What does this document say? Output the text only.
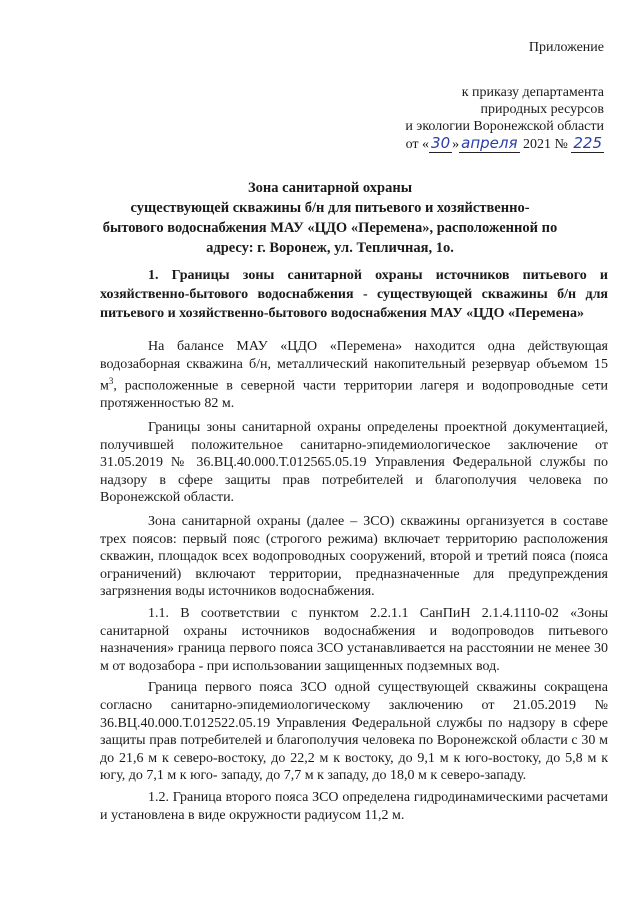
Приложение
к приказу департамента
природных ресурсов
и экологии Воронежской области
от « 30 » апреля 2021 № 225
Зона санитарной охраны
существующей скважины б/н для питьевого и хозяйственно-
бытового водоснабжения МАУ «ЦДО «Перемена», расположенной по
адресу: г. Воронеж, ул. Тепличная, 1о.
1. Границы зоны санитарной охраны источников питьевого и хозяйственно-бытового водоснабжения - существующей скважины б/н для питьевого и хозяйственно-бытового водоснабжения МАУ «ЦДО «Перемена»

На балансе МАУ «ЦДО «Перемена» находится одна действующая водозаборная скважина б/н, металлический накопительный резервуар объемом 15 $м^3$, расположенные в северной части территории лагеря и водопроводные сети протяженностью 82 м.

Границы зоны санитарной охраны определены проектной документацией, получившей положительное санитарно-эпидемиологическое заключение от 31.05.2019 № 36.ВЦ.40.000.Т.012565.05.19 Управления Федеральной службы по надзору в сфере защиты прав потребителей и благополучия человека по Воронежской области.

Зона санитарной охраны (далее – ЗСО) скважины организуется в составе трех поясов: первый пояс (строгого режима) включает территорию расположения скважин, площадок всех водопроводных сооружений, второй и третий пояса (пояса ограничений) включают территории, предназначенные для предупреждения загрязнения воды источников водоснабжения.

1.1. В соответствии с пунктом 2.2.1.1 СанПиН 2.1.4.1110-02 «Зоны санитарной охраны источников водоснабжения и водопроводов питьевого назначения» граница первого пояса ЗСО устанавливается на расстоянии не менее 30 м от водозабора - при использовании защищенных подземных вод.

Граница первого пояса ЗСО одной существующей скважины сокращена согласно санитарно-эпидемиологическому заключению от 21.05.2019 № 36.ВЦ.40.000.Т.012522.05.19 Управления Федеральной службы по надзору в сфере защиты прав потребителей и благополучия человека по Воронежской области с 30 м до 21,6 м к северо-востоку, до 22,2 м к востоку, до 9,1 м к юго-востоку, до 5,8 м к югу, до 7,1 м к юго- западу, до 7,7 м к западу, до 18,0 м к северо-западу.

1.2. Граница второго пояса ЗСО определена гидродинамическими расчетами и установлена в виде окружности радиусом 11,2 м.
